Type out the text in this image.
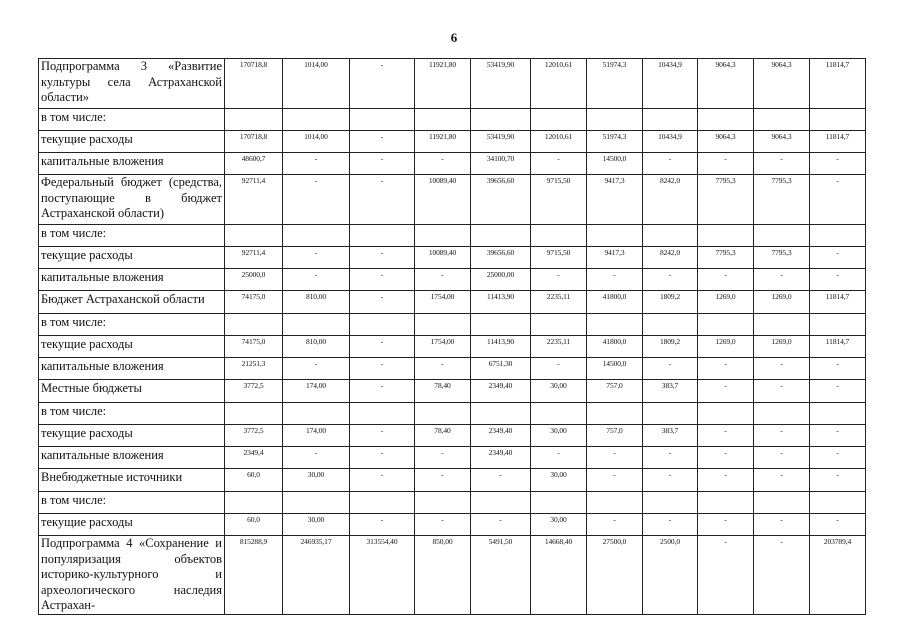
6
Подпрограмма 3 «Развитие культуры села Астраханской области»	170718,8	1014,00	-	11921,80	53419,90	12010,61	51974,3	10434,9	9064,3	9064,3	11814,7
в том числе:											
текущие расходы	170718,8	1014,00	-	11921,80	53419,90	12010,61	51974,3	10434,9	9064,3	9064,3	11814,7
капитальные вложения	48600,7	-	-	-	34100,70	-	14500,0	-	-	-	-
Федеральный бюджет (средства, поступающие в бюджет Астраханской области)	92711,4	-	-	10089,40	39656,60	9715,50	9417,3	8242,0	7795,3	7795,3	-
в том числе:											
текущие расходы	92711,4	-	-	10089,40	39656,60	9715,50	9417,3	8242,0	7795,3	7795,3	-
капитальные вложения	25000,0	-	-	-	25000,00	-	-	-	-	-	-
Бюджет Астраханской области	74175,0	810,00	-	1754,00	11413,90	2235,11	41800,0	1809,2	1269,0	1269,0	11814,7
в том числе:											
текущие расходы	74175,0	810,00	-	1754,00	11413,90	2235,11	41800,0	1809,2	1269,0	1269,0	11814,7
капитальные вложения	21251,3	-	-	-	6751,30	-	14500,0	-	-	-	-
Местные бюджеты	3772,5	174,00	-	78,40	2349,40	30,00	757,0	383,7	-	-	-
в том числе:											
текущие расходы	3772,5	174,00	-	78,40	2349,40	30,00	757,0	383,7	-	-	-
капитальные вложения	2349,4	-	-	-	2349,40	-	-	-	-	-	-
Внебюджетные источники	60,0	30,00	-	-	-	30,00	-	-	-	-	-
в том числе:											
текущие расходы	60,0	30,00	-	-	-	30,00	-	-	-	-	-
Подпрограмма 4 «Сохранение и популяризация объектов историко-культурного и археологического наследия Астрахан-	815288,9	246935,17	313554,40	850,00	5491,50	14668,40	27500,0	2500,0	-	-	203789,4
